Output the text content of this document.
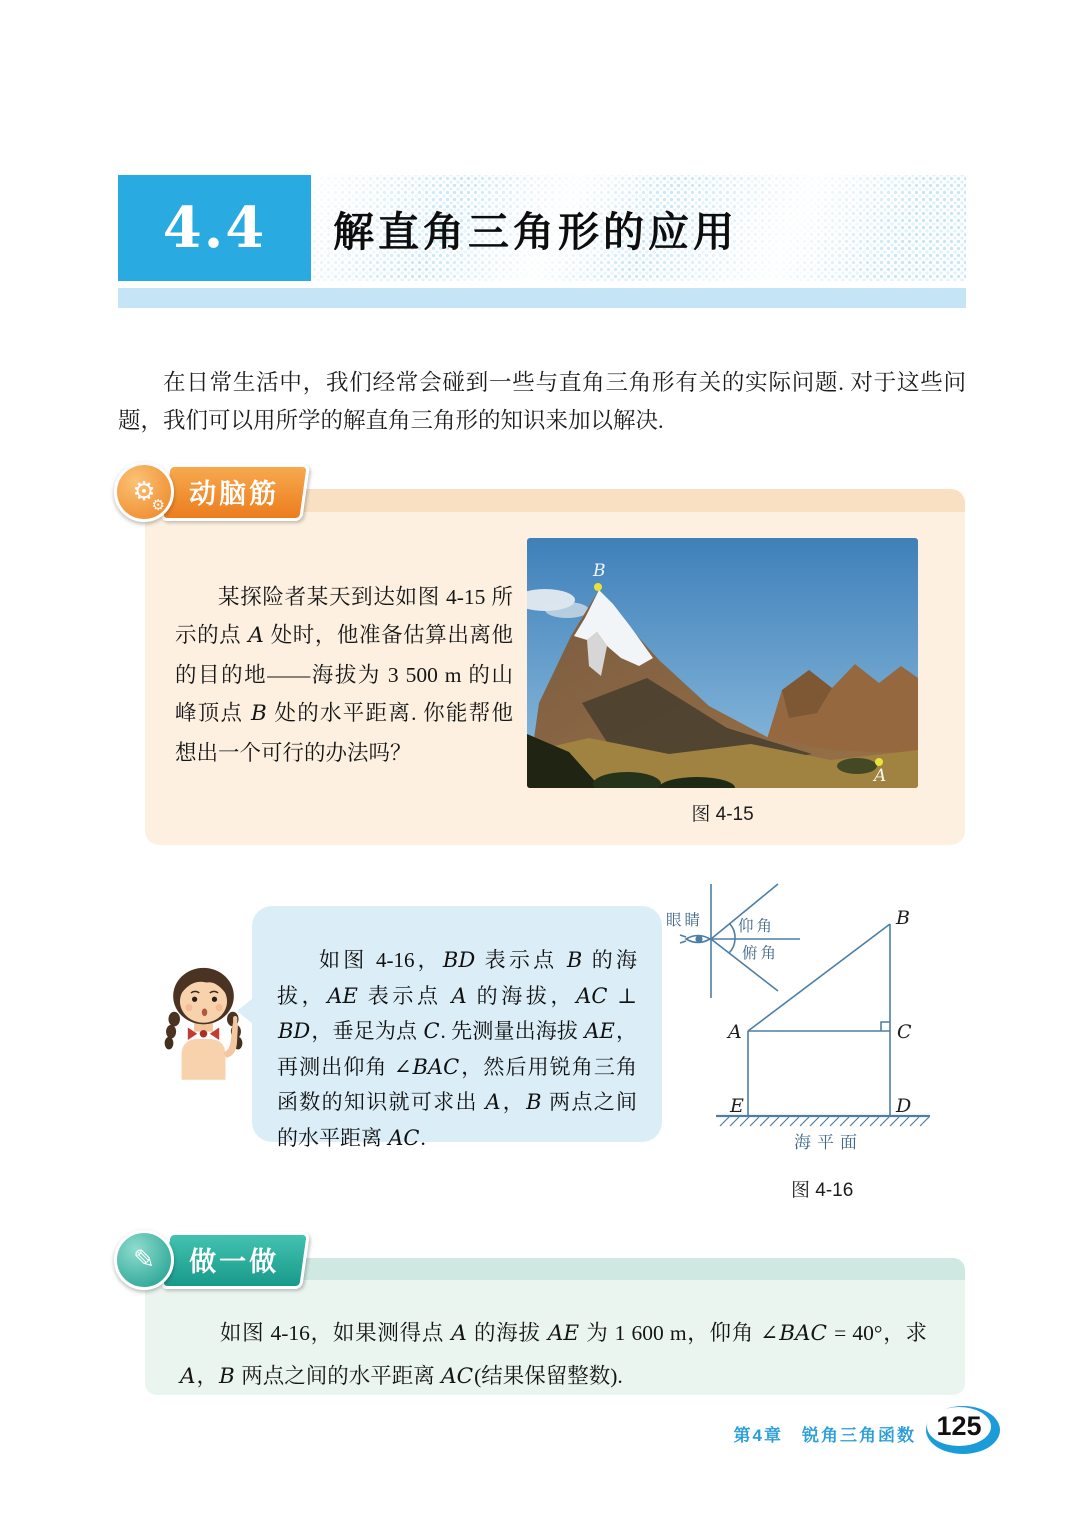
4.4 解直角三角形的应用

在日常生活中，我们经常会碰到一些与直角三角形有关的实际问题. 对于这些问题，我们可以用所学的解直角三角形的知识来加以解决.

⚙
⚙ 动脑筋

某探险者某天到达如图 4-15 所示的点 A 处时，他准备估算出离他的目的地——海拔为 3 500 m 的山峰顶点 B 处的水平距离. 你能帮他想出一个可行的办法吗？

B
A
图 4-15

如图 4-16，BD 表示点 B 的海拔，AE 表示点 A 的海拔，AC ⊥ BD，垂足为点 C. 先测量出海拔 AE，再测出仰角 ∠BAC，然后用锐角三角函数的知识就可求出 A，B 两点之间的水平距离 AC.

眼睛 仰角
俯角
B
A	C
E	D
海平面
图 4-16
✎	做一做

如图 4-16，如果测得点 A 的海拔 AE 为 1 600 m，仰角 ∠BAC = 40°，求 A，B 两点之间的水平距离 AC(结果保留整数).

第4章　锐角三角函数 125
